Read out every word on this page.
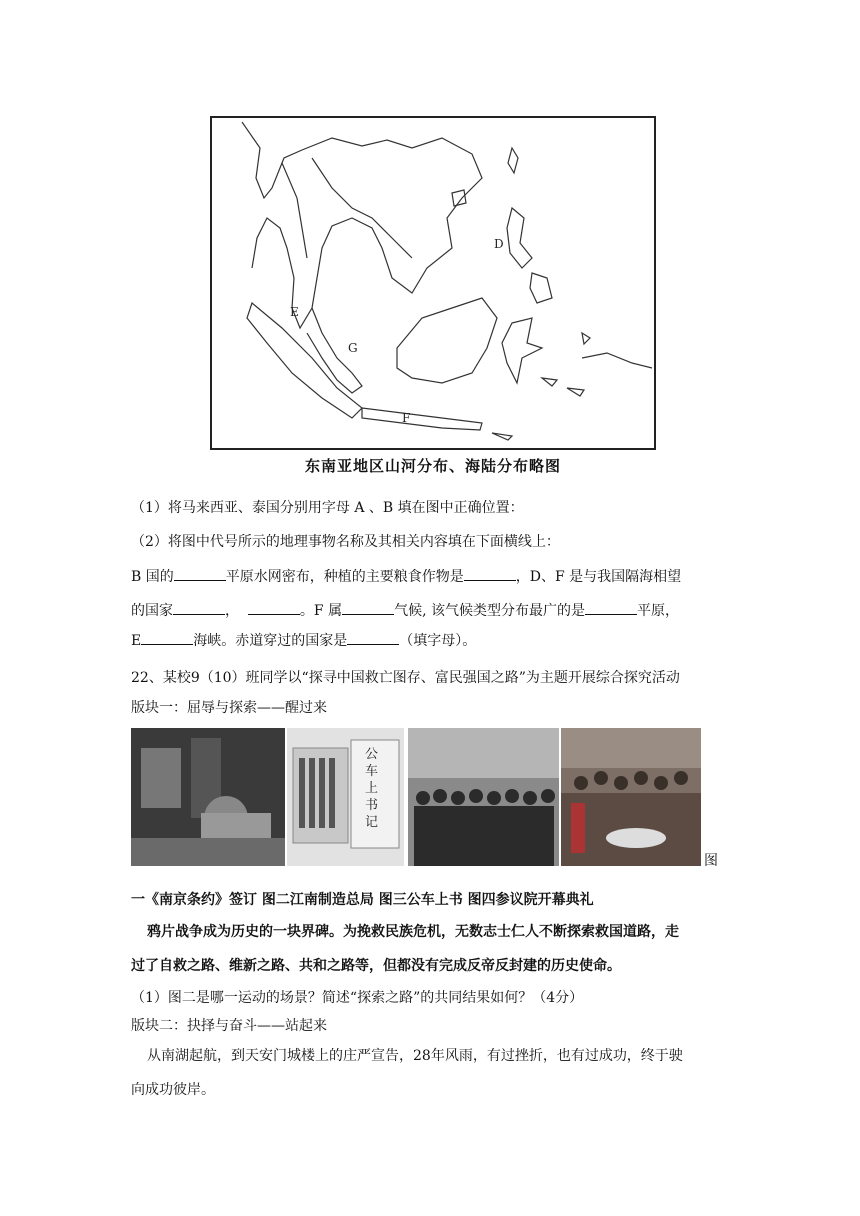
D
E
G
F
东南亚地区山河分布、海陆分布略图
（1）将马来西亚、泰国分别用字母 A 、B 填在图中正确位置：
（2）将图中代号所示的地理事物名称及其相关内容填在下面横线上：
B 国的	平原水网密布，种植的主要粮食作物是	，D、F 是与我国隔海相望
的国家	，	。F 属	气候, 该气候类型分布最广的是	平原，
E	海峡。赤道穿过的国家是	（填字母）。
22、某校9（10）班同学以“探寻中国救亡图存、富民强国之路”为主题开展综合探究活动
版块一：屈辱与探索——醒过来
公车上书记
图
一《南京条约》签订 图二江南制造总局 图三公车上书 图四参议院开幕典礼
鸦片战争成为历史的一块界碑。为挽救民族危机，无数志士仁人不断探索救国道路，走
过了自救之路、维新之路、共和之路等，但都没有完成反帝反封建的历史使命。
（1）图二是哪一运动的场景？简述“探索之路”的共同结果如何？（4分）
版块二：抉择与奋斗——站起来
从南湖起航，到天安门城楼上的庄严宣告，28年风雨，有过挫折，也有过成功，终于驶
向成功彼岸。
